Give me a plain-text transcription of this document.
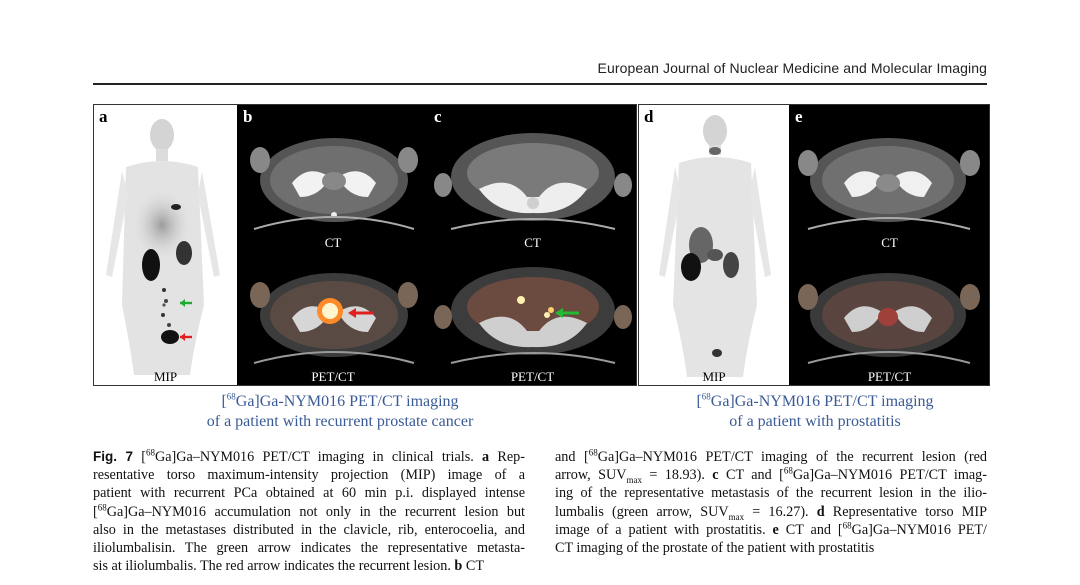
European Journal of Nuclear Medicine and Molecular Imaging
a
MIP
b
CT
PET/CT
c
CT
PET/CT
d
MIP
e
CT
PET/CT
[$^{68}$Ga]Ga-NYM016 PET/CT imaging
of a patient with recurrent prostate cancer
[$^{68}$Ga]Ga-NYM016 PET/CT imaging
of a patient with prostatitis
Fig. 7 [$^{68}$Ga]Ga–NYM016 PET/CT imaging in clinical trials. a Rep-
resentative torso maximum-intensity projection (MIP) image of a
patient with recurrent PCa obtained at 60 min p.i. displayed intense
[$^{68}$Ga]Ga–NYM016 accumulation not only in the recurrent lesion but
also in the metastases distributed in the clavicle, rib, enterocoelia, and
iliolumbalisin. The green arrow indicates the representative metasta-
sis at iliolumbalis. The red arrow indicates the recurrent lesion. b CT
and [$^{68}$Ga]Ga–NYM016 PET/CT imaging of the recurrent lesion (red
arrow, $SUV_{max} = 18.93$). c CT and [$^{68}$Ga]Ga–NYM016 PET/CT imag-
ing of the representative metastasis of the recurrent lesion in the ilio-
lumbalis (green arrow, $SUV_{max} = 16.27$). d Representative torso MIP
image of a patient with prostatitis. e CT and [$^{68}$Ga]Ga–NYM016 PET/
CT imaging of the prostate of the patient with prostatitis
